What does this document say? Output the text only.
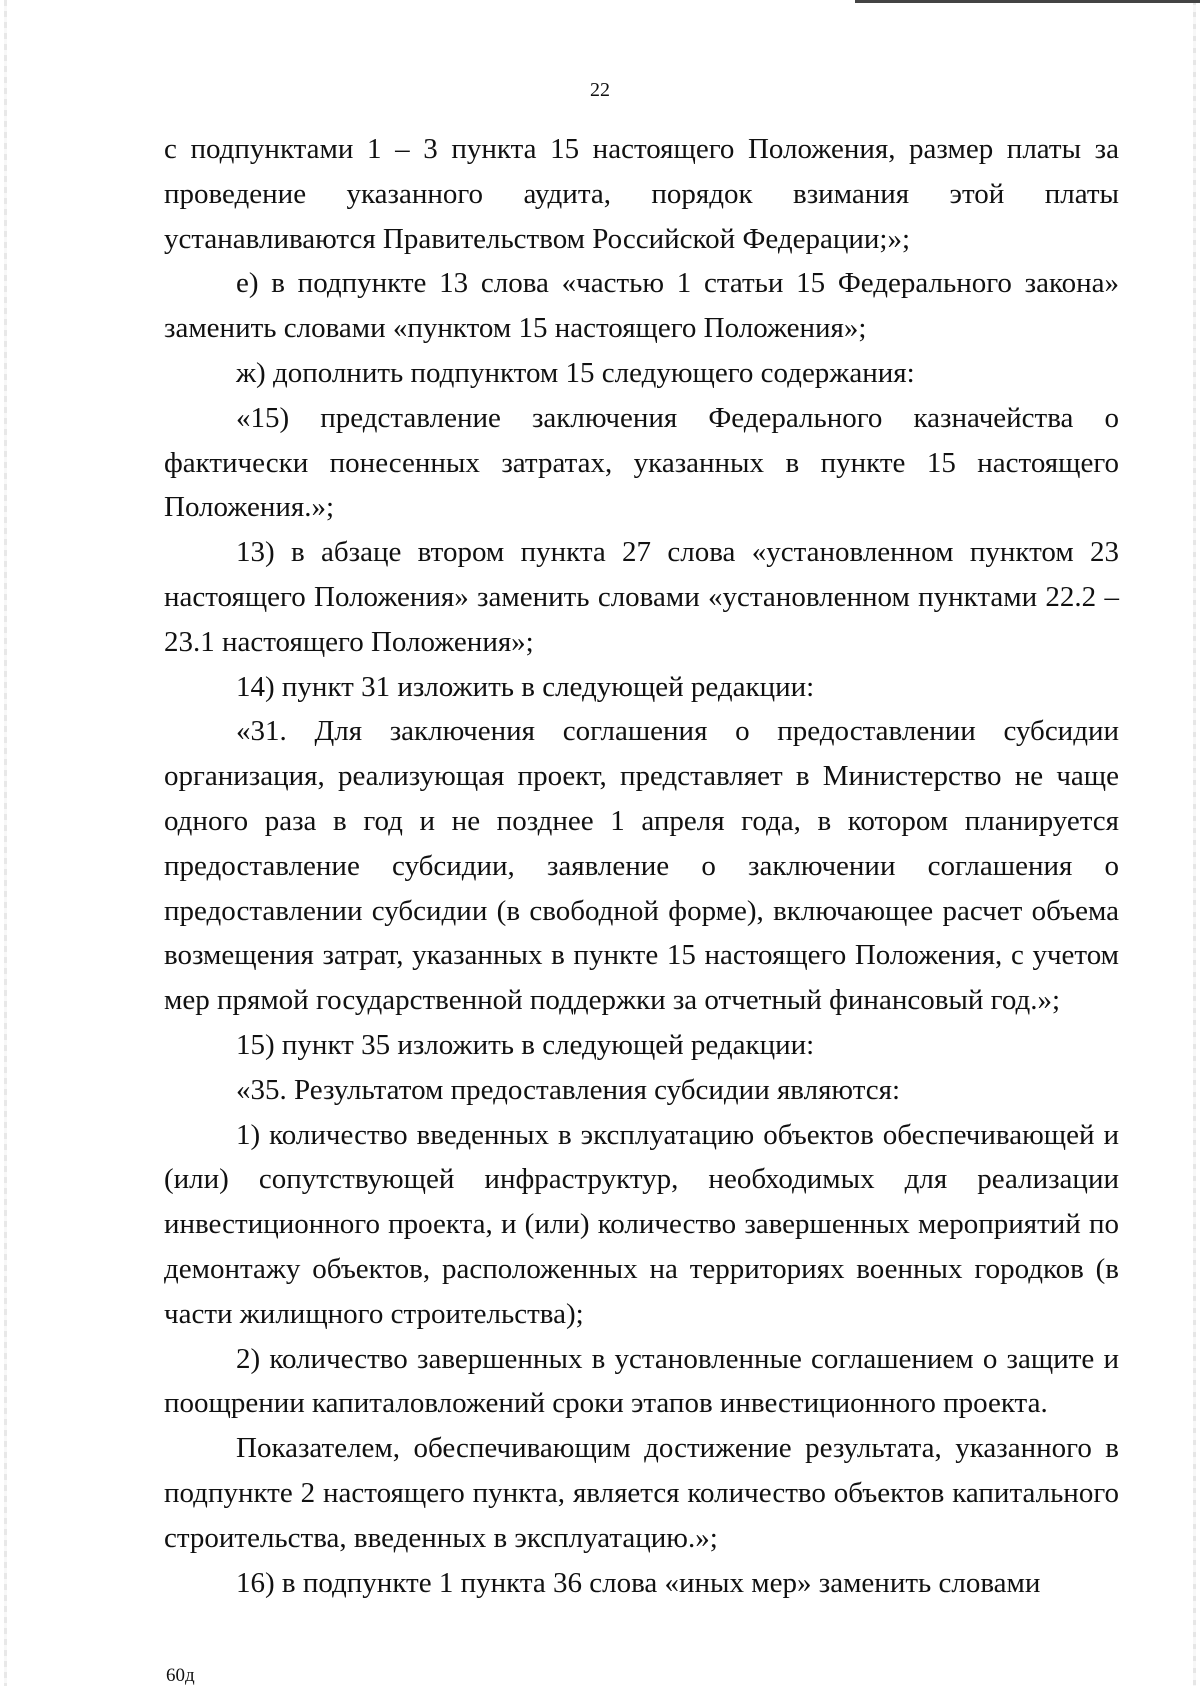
22

с подпунктами 1 – 3 пункта 15 настоящего Положения, размер платы за проведение указанного аудита, порядок взимания этой платы устанавливаются Правительством Российской Федерации;»;

е) в подпункте 13 слова «частью 1 статьи 15 Федерального закона» заменить словами «пунктом 15 настоящего Положения»;

ж) дополнить подпунктом 15 следующего содержания:

«15) представление заключения Федерального казначейства о фактически понесенных затратах, указанных в пункте 15 настоящего Положения.»;

13) в абзаце втором пункта 27 слова «установленном пунктом 23 настоящего Положения» заменить словами «установленном пунктами 22.2 – 23.1 настоящего Положения»;

14) пункт 31 изложить в следующей редакции:

«31. Для заключения соглашения о предоставлении субсидии организация, реализующая проект, представляет в Министерство не чаще одного раза в год и не позднее 1 апреля года, в котором планируется предоставление субсидии, заявление о заключении соглашения о предоставлении субсидии (в свободной форме), включающее расчет объема возмещения затрат, указанных в пункте 15 настоящего Положения, с учетом мер прямой государственной поддержки за отчетный финансовый год.»;

15) пункт 35 изложить в следующей редакции:

«35. Результатом предоставления субсидии являются:

1) количество введенных в эксплуатацию объектов обеспечивающей и (или) сопутствующей инфраструктур, необходимых для реализации инвестиционного проекта, и (или) количество завершенных мероприятий по демонтажу объектов, расположенных на территориях военных городков (в части жилищного строительства);

2) количество завершенных в установленные соглашением о защите и поощрении капиталовложений сроки этапов инвестиционного проекта.

Показателем, обеспечивающим достижение результата, указанного в подпункте 2 настоящего пункта, является количество объектов капитального строительства, введенных в эксплуатацию.»;

16) в подпункте 1 пункта 36 слова «иных мер» заменить словами

60д
